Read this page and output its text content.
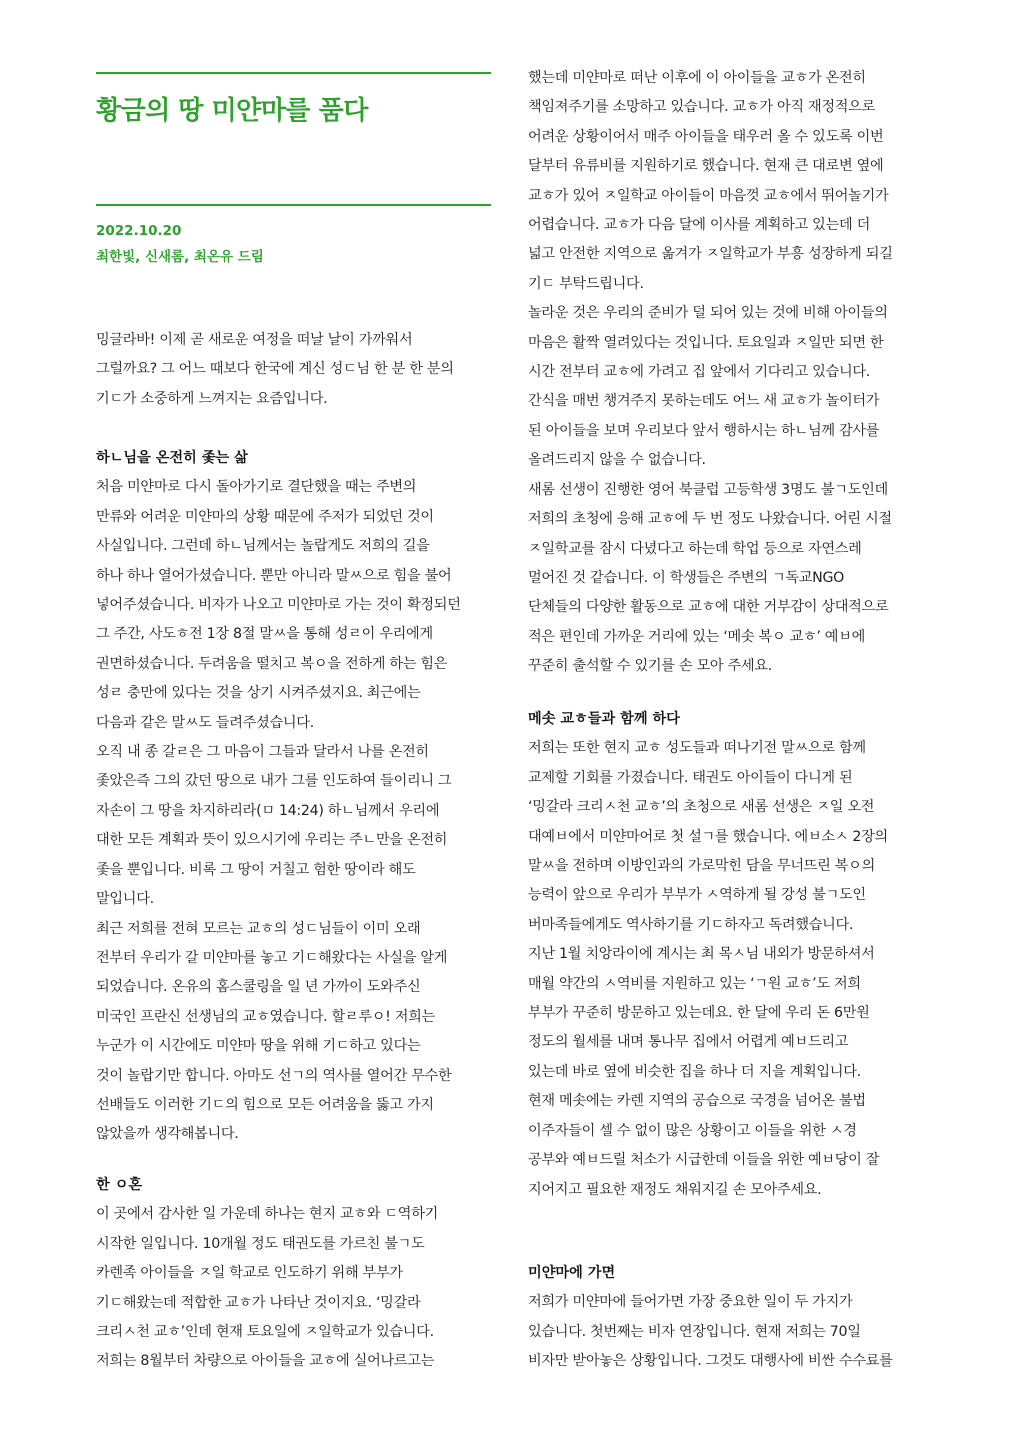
황금의 땅 미얀마를 품다
2022.10.20
최한빛, 신새롬, 최온유 드림

밍글라바! 이제 곧 새로운 여정을 떠날 날이 가까워서
그럴까요? 그 어느 때보다 한국에 계신 성ㄷ님 한 분 한 분의
기ㄷ가 소중하게 느껴지는 요즘입니다.

하ㄴ님을 온전히 좇는 삶

처음 미얀마로 다시 돌아가기로 결단했을 때는 주변의
만류와 어려운 미얀마의 상황 때문에 주저가 되었던 것이
사실입니다. 그런데 하ㄴ님께서는 놀랍게도 저희의 길을
하나 하나 열어가셨습니다. 뿐만 아니라 말ㅆ으로 힘을 불어
넣어주셨습니다. 비자가 나오고 미얀마로 가는 것이 확정되던
그 주간, 사도ㅎ전 1장 8절 말ㅆ을 통해 성ㄹ이 우리에게
권면하셨습니다. 두려움을 떨치고 복ㅇ을 전하게 하는 힘은
성ㄹ 충만에 있다는 것을 상기 시켜주셨지요. 최근에는
다음과 같은 말ㅆ도 들려주셨습니다.
오직 내 종 갈ㄹ은 그 마음이 그들과 달라서 나를 온전히
좇았은즉 그의 갔던 땅으로 내가 그를 인도하여 들이리니 그
자손이 그 땅을 차지하리라(ㅁ 14:24) 하ㄴ님께서 우리에
대한 모든 계획과 뜻이 있으시기에 우리는 주ㄴ만을 온전히
좇을 뿐입니다. 비록 그 땅이 거칠고 험한 땅이라 해도
말입니다.
최근 저희를 전혀 모르는 교ㅎ의 성ㄷ님들이 이미 오래
전부터 우리가 갈 미얀마를 놓고 기ㄷ해왔다는 사실을 알게
되었습니다. 온유의 홈스쿨링을 일 년 가까이 도와주신
미국인 프란신 선생님의 교ㅎ였습니다. 할ㄹ루ㅇ! 저희는
누군가 이 시간에도 미얀마 땅을 위해 기ㄷ하고 있다는
것이 놀랍기만 합니다. 아마도 선ㄱ의 역사를 열어간 무수한
선배들도 이러한 기ㄷ의 힘으로 모든 어려움을 뚫고 가지
않았을까 생각해봅니다.

한 ㅇ혼

이 곳에서 감사한 일 가운데 하나는 현지 교ㅎ와 ㄷ역하기
시작한 일입니다. 10개월 정도 태권도를 가르친 불ㄱ도
카렌족 아이들을 ㅈ일 학교로 인도하기 위해 부부가
기ㄷ해왔는데 적합한 교ㅎ가 나타난 것이지요. ‘밍갈라
크리ㅅ천 교ㅎ’인데 현재 토요일에 ㅈ일학교가 있습니다.
저희는 8월부터 차량으로 아이들을 교ㅎ에 실어나르고는

했는데 미얀마로 떠난 이후에 이 아이들을 교ㅎ가 온전히
책임져주기를 소망하고 있습니다. 교ㅎ가 아직 재정적으로
어려운 상황이어서 매주 아이들을 태우러 올 수 있도록 이번
달부터 유류비를 지원하기로 했습니다. 현재 큰 대로변 옆에
교ㅎ가 있어 ㅈ일학교 아이들이 마음껏 교ㅎ에서 뛰어놀기가
어렵습니다. 교ㅎ가 다음 달에 이사를 계획하고 있는데 더
넓고 안전한 지역으로 옮겨가 ㅈ일학교가 부흥 성장하게 되길
기ㄷ 부탁드립니다.
놀라운 것은 우리의 준비가 덜 되어 있는 것에 비해 아이들의
마음은 활짝 열려있다는 것입니다. 토요일과 ㅈ일만 되면 한
시간 전부터 교ㅎ에 가려고 집 앞에서 기다리고 있습니다.
간식을 매번 챙겨주지 못하는데도 어느 새 교ㅎ가 놀이터가
된 아이들을 보며 우리보다 앞서 행하시는 하ㄴ님께 감사를
올려드리지 않을 수 없습니다.
새롬 선생이 진행한 영어 북클럽 고등학생 3명도 불ㄱ도인데
저희의 초청에 응해 교ㅎ에 두 번 정도 나왔습니다. 어린 시절
ㅈ일학교를 잠시 다녔다고 하는데 학업 등으로 자연스레
멀어진 것 같습니다. 이 학생들은 주변의 ㄱ독교NGO
단체들의 다양한 활동으로 교ㅎ에 대한 거부감이 상대적으로
적은 편인데 가까운 거리에 있는 ‘메솟 복ㅇ 교ㅎ’ 예ㅂ에
꾸준히 출석할 수 있기를 손 모아 주세요.

메솟 교ㅎ들과 함께 하다

저희는 또한 현지 교ㅎ 성도들과 떠나기전 말ㅆ으로 함께
교제할 기회를 가졌습니다. 태권도 아이들이 다니게 된
‘밍갈라 크리ㅅ천 교ㅎ’의 초청으로 새롬 선생은 ㅈ일 오전
대예ㅂ에서 미얀마어로 첫 설ㄱ를 했습니다. 에ㅂ소ㅅ 2장의
말ㅆ을 전하며 이방인과의 가로막힌 담을 무너뜨린 복ㅇ의
능력이 앞으로 우리가 부부가 ㅅ역하게 될 강성 불ㄱ도인
버마족들에게도 역사하기를 기ㄷ하자고 독려했습니다.
지난 1월 치앙라이에 계시는 최 목ㅅ님 내외가 방문하셔서
매월 약간의 ㅅ역비를 지원하고 있는 ‘ㄱ원 교ㅎ’도 저희
부부가 꾸준히 방문하고 있는데요. 한 달에 우리 돈 6만원
정도의 월세를 내며 통나무 집에서 어렵게 예ㅂ드리고
있는데 바로 옆에 비슷한 집을 하나 더 지을 계획입니다.
현재 메솟에는 카렌 지역의 공습으로 국경을 넘어온 불법
이주자들이 셀 수 없이 많은 상황이고 이들을 위한 ㅅ경
공부와 예ㅂ드릴 처소가 시급한데 이들을 위한 예ㅂ당이 잘
지어지고 필요한 재정도 채워지길 손 모아주세요.

미얀마에 가면

저희가 미얀마에 들어가면 가장 중요한 일이 두 가지가
있습니다. 첫번째는 비자 연장입니다. 현재 저희는 70일
비자만 받아놓은 상황입니다. 그것도 대행사에 비싼 수수료를
